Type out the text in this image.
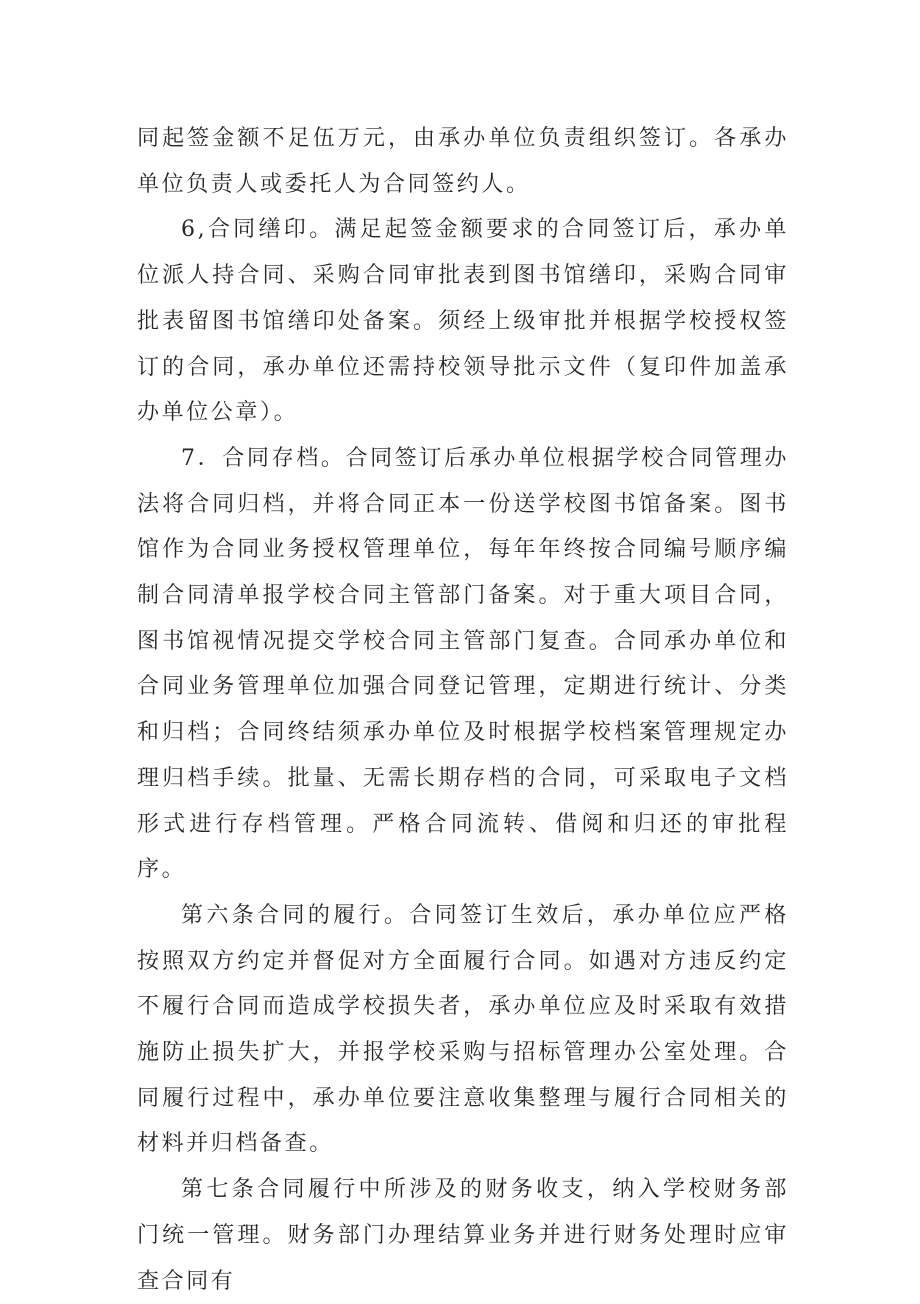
同起签金额不足伍万元，由承办单位负责组织签订。各承办单位负责人或委托人为合同签约人。

6,合同缮印。满足起签金额要求的合同签订后，承办单位派人持合同、采购合同审批表到图书馆缮印，采购合同审批表留图书馆缮印处备案。须经上级审批并根据学校授权签订的合同，承办单位还需持校领导批示文件（复印件加盖承办单位公章）。

7．合同存档。合同签订后承办单位根据学校合同管理办法将合同归档，并将合同正本一份送学校图书馆备案。图书馆作为合同业务授权管理单位，每年年终按合同编号顺序编制合同清单报学校合同主管部门备案。对于重大项目合同，图书馆视情况提交学校合同主管部门复查。合同承办单位和合同业务管理单位加强合同登记管理，定期进行统计、分类和归档；合同终结须承办单位及时根据学校档案管理规定办理归档手续。批量、无需长期存档的合同，可采取电子文档形式进行存档管理。严格合同流转、借阅和归还的审批程序。

第六条合同的履行。合同签订生效后，承办单位应严格按照双方约定并督促对方全面履行合同。如遇对方违反约定不履行合同而造成学校损失者，承办单位应及时采取有效措施防止损失扩大，并报学校采购与招标管理办公室处理。合同履行过程中，承办单位要注意收集整理与履行合同相关的材料并归档备查。

第七条合同履行中所涉及的财务收支，纳入学校财务部门统一管理。财务部门办理结算业务并进行财务处理时应审查合同有
